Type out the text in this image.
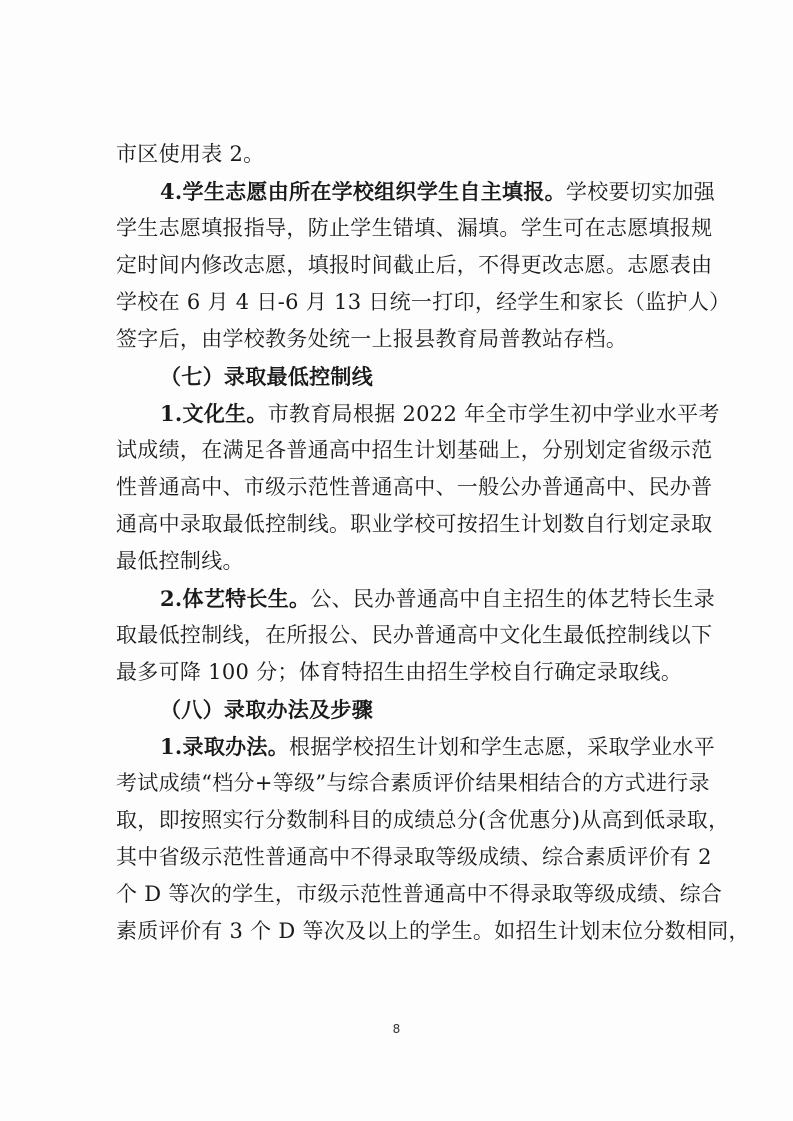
市区使用表 2。
4.学生志愿由所在学校组织学生自主填报。学校要切实加强
学生志愿填报指导，防止学生错填、漏填。学生可在志愿填报规
定时间内修改志愿，填报时间截止后，不得更改志愿。志愿表由
学校在 6 月 4 日-6 月 13 日统一打印，经学生和家长（监护人）
签字后，由学校教务处统一上报县教育局普教站存档。
（七）录取最低控制线
1.文化生。市教育局根据 2022 年全市学生初中学业水平考
试成绩，在满足各普通高中招生计划基础上，分别划定省级示范
性普通高中、市级示范性普通高中、一般公办普通高中、民办普
通高中录取最低控制线。职业学校可按招生计划数自行划定录取
最低控制线。
2.体艺特长生。公、民办普通高中自主招生的体艺特长生录
取最低控制线，在所报公、民办普通高中文化生最低控制线以下
最多可降 100 分；体育特招生由招生学校自行确定录取线。
（八）录取办法及步骤
1.录取办法。根据学校招生计划和学生志愿，采取学业水平
考试成绩“档分+等级”与综合素质评价结果相结合的方式进行录
取，即按照实行分数制科目的成绩总分(含优惠分)从高到低录取，
其中省级示范性普通高中不得录取等级成绩、综合素质评价有 2
个 D 等次的学生，市级示范性普通高中不得录取等级成绩、综合
素质评价有 3 个 D 等次及以上的学生。如招生计划末位分数相同，
8
